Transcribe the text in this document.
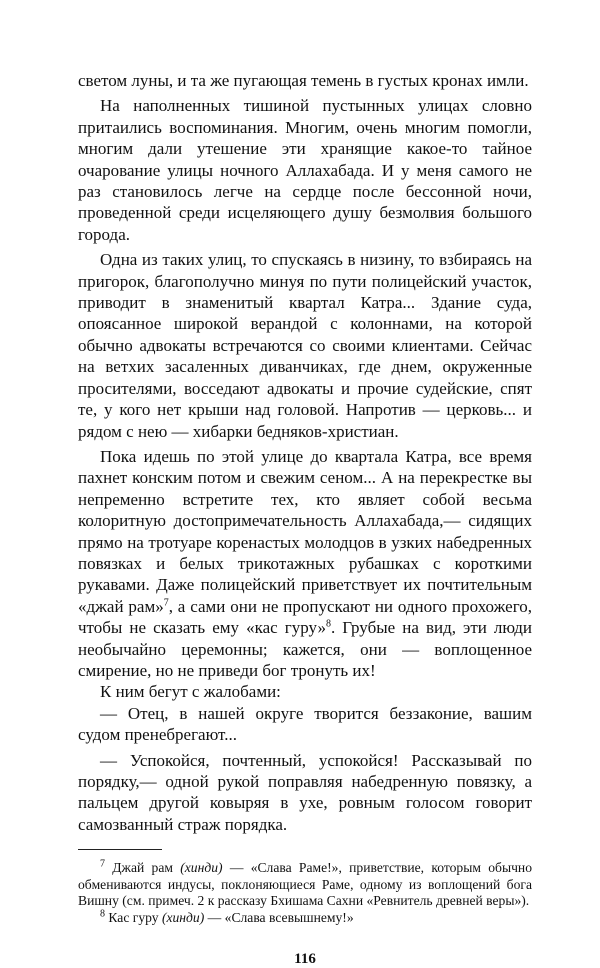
светом луны, и та же пугающая темень в густых кронах имли.

На наполненных тишиной пустынных улицах словно притаились воспоминания. Многим, очень многим помогли, многим дали утешение эти хранящие какое-то тайное очарование улицы ночного Аллахабада. И у меня самого не раз становилось легче на сердце после бессонной ночи, проведенной среди исцеляющего душу безмолвия большого города.

Одна из таких улиц, то спускаясь в низину, то взбираясь на пригорок, благополучно минуя по пути полицейский участок, приводит в знаменитый квартал Катра... Здание суда, опоясанное широкой верандой с колоннами, на которой обычно адвокаты встречаются со своими клиентами. Сейчас на ветхих засаленных диванчиках, где днем, окруженные просителями, восседают адвокаты и прочие судейские, спят те, у кого нет крыши над головой. Напротив — церковь... и рядом с нею — хибарки бедняков-христиан.

Пока идешь по этой улице до квартала Катра, все время пахнет конским потом и свежим сеном... А на перекрестке вы непременно встретите тех, кто являет собой весьма колоритную достопримечательность Аллахабада,— сидящих прямо на тротуаре коренастых молодцов в узких набедренных повязках и белых трикотажных рубашках с короткими рукавами. Даже полицейский приветствует их почтительным «джай рам»$^7$, а сами они не пропускают ни одного прохожего, чтобы не сказать ему «кас гуру»$^8$. Грубые на вид, эти люди необычайно церемонны; кажется, они — воплощенное смирение, но не приведи бог тронуть их!

К ним бегут с жалобами:

— Отец, в нашей округе творится беззаконие, вашим судом пренебрегают...

— Успокойся, почтенный, успокойся! Рассказывай по порядку,— одной рукой поправляя набедренную повязку, а пальцем другой ковыряя в ухе, ровным голосом говорит самозванный страж порядка.

$^7$ Джай рам (хинди) — «Слава Раме!», приветствие, которым обычно обмениваются индусы, поклоняющиеся Раме, одному из воплощений бога Вишну (см. примеч. 2 к рассказу Бхишама Сахни «Ревнитель древней веры»).

$^8$ Кас гуру (хинди) — «Слава всевышнему!»

116
